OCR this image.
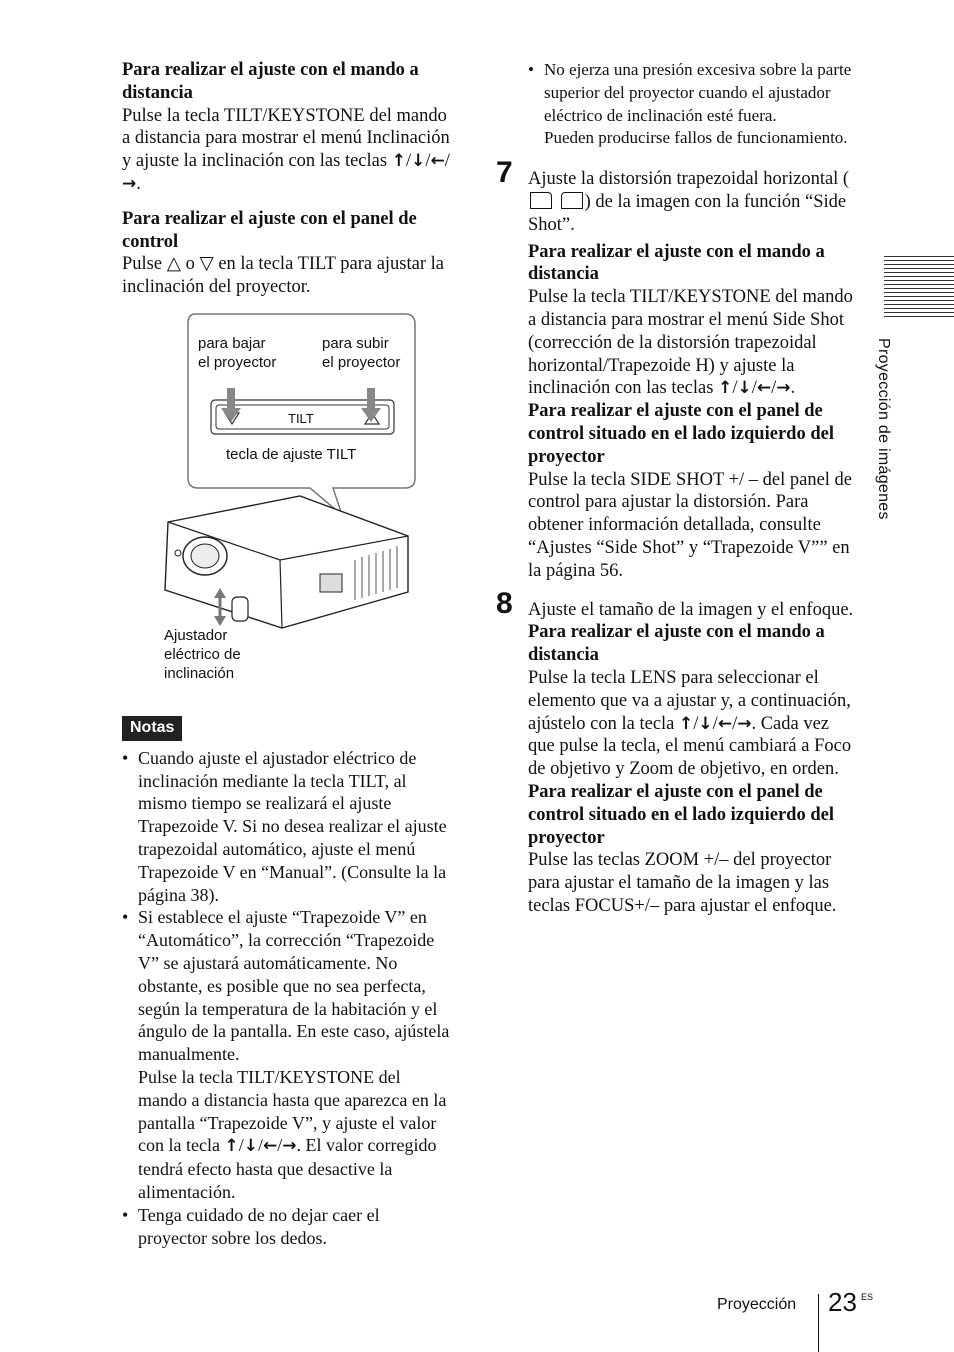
Para realizar el ajuste con el mando a distancia

Pulse la tecla TILT/KEYSTONE del mando a distancia para mostrar el menú Inclinación y ajuste la inclinación con las teclas ↑/↓/←/→.

Para realizar el ajuste con el panel de control

Pulse △ o ▽ en la tecla TILT para ajustar la inclinación del proyector.

para bajar
el proyector
para subir
el proyector
TILT
tecla de ajuste TILT
Ajustador
eléctrico de
inclinación
Notas
• Cuando ajuste el ajustador eléctrico de inclinación mediante la tecla TILT, al mismo tiempo se realizará el ajuste Trapezoide V. Si no desea realizar el ajuste trapezoidal automático, ajuste el menú Trapezoide V en “Manual”. (Consulte la la página 38).

• Si establece el ajuste “Trapezoide V” en “Automático”, la corrección “Trapezoide V” se ajustará automáticamente. No obstante, es posible que no sea perfecta, según la temperatura de la habitación y el ángulo de la pantalla. En este caso, ajústela manualmente.

Pulse la tecla TILT/KEYSTONE del mando a distancia hasta que aparezca en la pantalla “Trapezoide V”, y ajuste el valor con la tecla ↑/↓/←/→. El valor corregido tendrá efecto hasta que desactive la alimentación.

• Tenga cuidado de no dejar caer el proyector sobre los dedos.

• No ejerza una presión excesiva sobre la parte superior del proyector cuando el ajustador eléctrico de inclinación esté fuera.

Pueden producirse fallos de funcionamiento.

7 Ajuste la distorsión trapezoidal horizontal ( ) de la imagen con la función “Side Shot”.

Para realizar el ajuste con el mando a distancia

Pulse la tecla TILT/KEYSTONE del mando a distancia para mostrar el menú Side Shot (corrección de la distorsión trapezoidal horizontal/Trapezoide H) y ajuste la inclinación con las teclas ↑/↓/←/→.

Para realizar el ajuste con el panel de control situado en el lado izquierdo del proyector

Pulse la tecla SIDE SHOT +/ – del panel de control para ajustar la distorsión. Para obtener información detallada, consulte “Ajustes “Side Shot” y “Trapezoide V”” en la página 56.

8 Ajuste el tamaño de la imagen y el enfoque.

Para realizar el ajuste con el mando a distancia

Pulse la tecla LENS para seleccionar el elemento que va a ajustar y, a continuación, ajústelo con la tecla ↑/↓/←/→. Cada vez que pulse la tecla, el menú cambiará a Foco de objetivo y Zoom de objetivo, en orden.

Para realizar el ajuste con el panel de control situado en el lado izquierdo del proyector

Pulse las teclas ZOOM +/– del proyector para ajustar el tamaño de la imagen y las teclas FOCUS+/– para ajustar el enfoque.

Proyección de imágenes
Proyección 23 ES
